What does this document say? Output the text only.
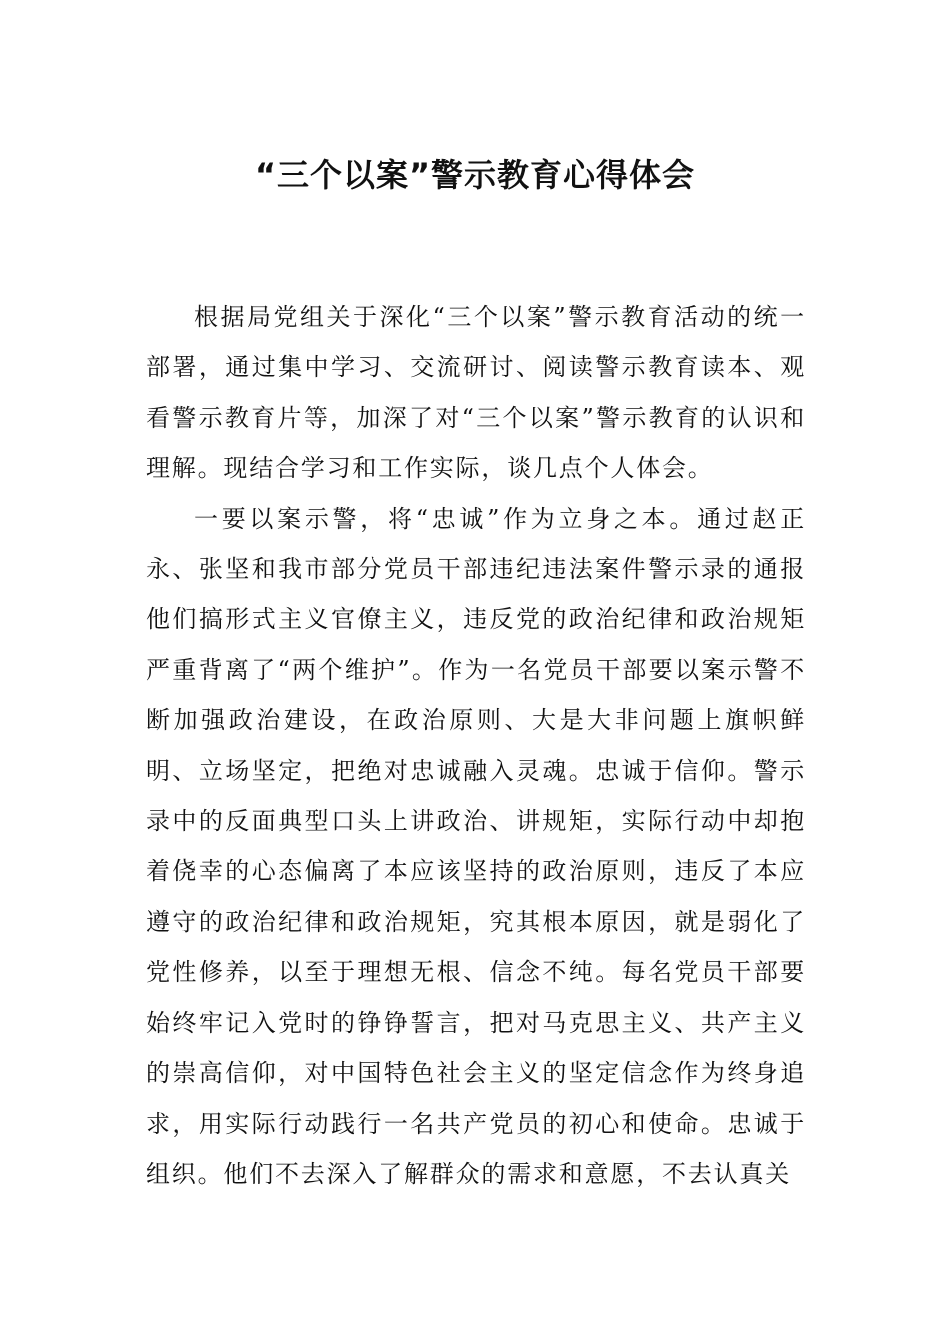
“三个以案”警示教育心得体会

根据局党组关于深化“三个以案”警示教育活动的统一部署，通过集中学习、交流研讨、阅读警示教育读本、观看警示教育片等，加深了对“三个以案”警示教育的认识和理解。现结合学习和工作实际，谈几点个人体会。

一要以案示警，将“忠诚”作为立身之本。通过赵正永、张坚和我市部分党员干部违纪违法案件警示录的通报他们搞形式主义官僚主义，违反党的政治纪律和政治规矩严重背离了“两个维护”。作为一名党员干部要以案示警不断加强政治建设，在政治原则、大是大非问题上旗帜鲜明、立场坚定，把绝对忠诚融入灵魂。忠诚于信仰。警示录中的反面典型口头上讲政治、讲规矩，实际行动中却抱着侥幸的心态偏离了本应该坚持的政治原则，违反了本应遵守的政治纪律和政治规矩，究其根本原因，就是弱化了党性修养，以至于理想无根、信念不纯。每名党员干部要始终牢记入党时的铮铮誓言，把对马克思主义、共产主义的崇高信仰，对中国特色社会主义的坚定信念作为终身追求，用实际行动践行一名共产党员的初心和使命。忠诚于组织。他们不去深入了解群众的需求和意愿，不去认真关
